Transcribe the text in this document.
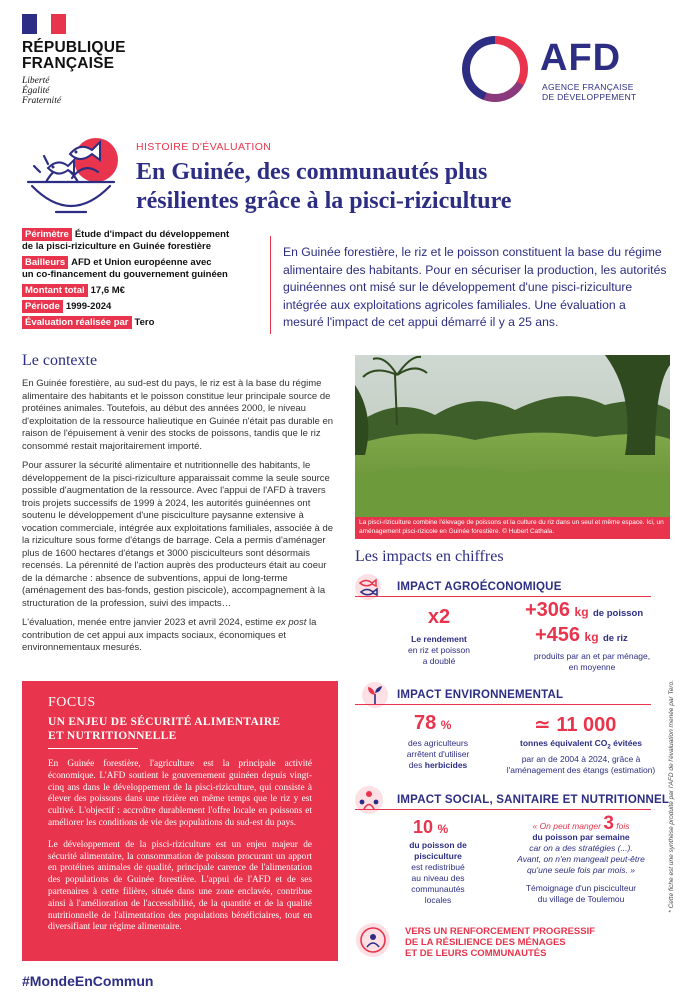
RÉPUBLIQUE
FRANÇAISE
Liberté
Égalité
Fraternité
AFD
AGENCE FRANÇAISE
DE DÉVELOPPEMENT
HISTOIRE D'ÉVALUATION
En Guinée, des communautés plus
résilientes grâce à la pisci-riziculture
Périmètre Étude d'impact du développement
de la pisci-riziculture en Guinée forestière
Bailleurs AFD et Union européenne avec
un co-financement du gouvernement guinéen
Montant total 17,6 M€
Période 1999-2024
Évaluation réalisée par Tero
En Guinée forestière, le riz et le poisson constituent la base du régime alimentaire des habitants. Pour en sécuriser la production, les autorités guinéennes ont misé sur le développement d'une pisci-riziculture intégrée aux exploitations agricoles familiales. Une évaluation a mesuré l'impact de cet appui démarré il y a 25 ans.
Le contexte

En Guinée forestière, au sud-est du pays, le riz est à la base du régime alimentaire des habitants et le poisson constitue leur principale source de protéines animales. Toutefois, au début des années 2000, le niveau d'exploitation de la ressource halieutique en Guinée n'était pas durable en raison de l'épuisement à venir des stocks de poissons, tandis que le riz consommé restait majoritairement importé.

Pour assurer la sécurité alimentaire et nutritionnelle des habitants, le développement de la pisci-riziculture apparaissait comme la seule source possible d'augmentation de la ressource. Avec l'appui de l'AFD à travers trois projets successifs de 1999 à 2024, les autorités guinéennes ont soutenu le développement d'une pisciculture paysanne extensive à vocation commerciale, intégrée aux exploitations familiales, associée à de la riziculture sous forme d'étangs de barrage. Cela a permis d'aménager plus de 1600 hectares d'étangs et 3000 pisciculteurs sont désormais recensés. La pérennité de l'action auprès des producteurs était au coeur de la démarche : absence de subventions, appui de long-terme (aménagement des bas-fonds, gestion piscicole), accompagnement à la structuration de la profession, suivi des impacts…

L'évaluation, menée entre janvier 2023 et avril 2024, estime ex post la contribution de cet appui aux impacts sociaux, économiques et environnementaux mesurés.

FOCUS
UN ENJEU DE SÉCURITÉ ALIMENTAIRE
ET NUTRITIONNELLE

En Guinée forestière, l'agriculture est la principale activité économique. L'AFD soutient le gouvernement guinéen depuis vingt-cinq ans dans le développement de la pisci-riziculture, qui consiste à élever des poissons dans une rizière en même temps que le riz y est cultivé. L'objectif : accroître durablement l'offre locale en poissons et améliorer les conditions de vie des populations du sud-est du pays.

Le développement de la pisci-riziculture est un enjeu majeur de sécurité alimentaire, la consommation de poisson procurant un apport en protéines animales de qualité, principale carence de l'alimentation des populations de Guinée forestière. L'appui de l'AFD et de ses partenaires à cette filière, située dans une zone enclavée, contribue ainsi à l'amélioration de l'accessibilité, de la quantité et de la qualité nutritionnelle de l'alimentation des populations bénéficiaires, tout en diversifiant leur régime alimentaire.

#MondeEnCommun
La pisci-riziculture combine l'élevage de poissons et la culture du riz dans un seul et même espace. Ici, un aménagement pisci-rizicole en Guinée forestière. © Hubert Cathala.
Les impacts en chiffres
IMPACT AGROÉCONOMIQUE
x2
Le rendement
en riz et poisson
a doublé
+306 kg de poisson
+456 kg de riz
produits par an et par ménage,
en moyenne
IMPACT ENVIRONNEMENTAL
78 %
des agriculteurs
arrêtent d'utiliser
des herbicides
≃ 11 000
tonnes équivalent $CO_2$ évitées
par an de 2004 à 2024, grâce à
l'aménagement des étangs (estimation)
IMPACT SOCIAL, SANITAIRE ET NUTRITIONNEL
10 %
du poisson de
pisciculture
est redistribué
au niveau des
communautés
locales
« On peut manger 3 fois
du poisson par semaine
car on a des stratégies (...).
Avant, on n'en mangeait peut-être
qu'une seule fois par mois. »
Témoignage d'un pisciculteur
du village de Toulemou
VERS UN RENFORCEMENT PROGRESSIF
DE LA RÉSILIENCE DES MÉNAGES
ET DE LEURS COMMUNAUTÉS
* Cette fiche est une synthèse produite par l'AFD de l'évaluation menée par Tero.
